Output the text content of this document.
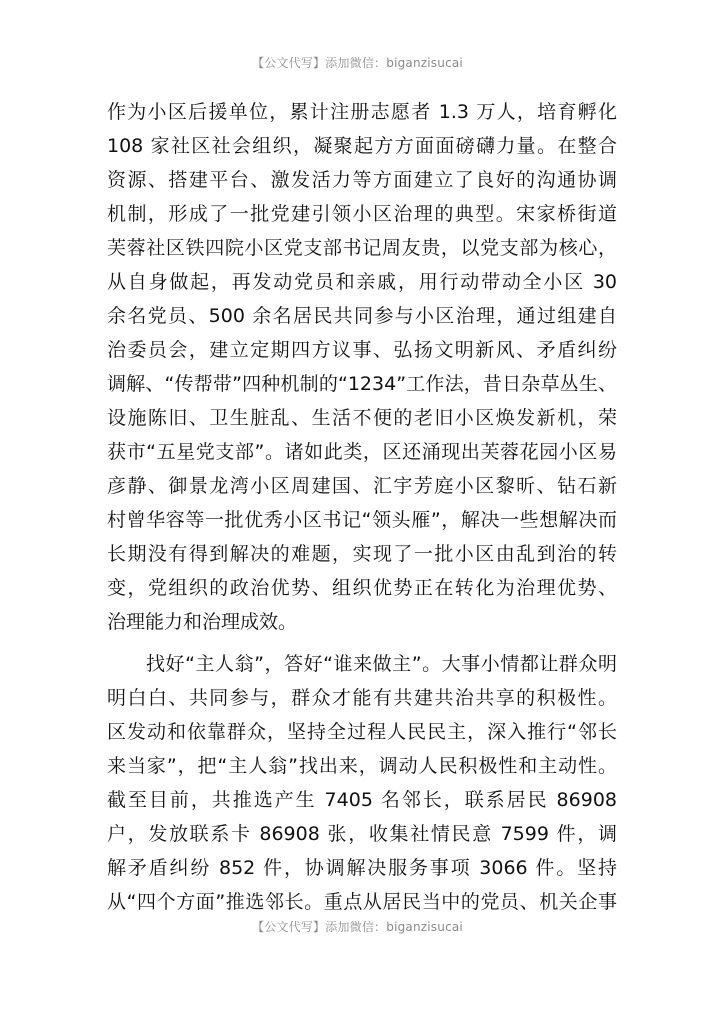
【公文代写】添加微信：biganzisucai

作为小区后援单位，累计注册志愿者 1.3 万人，培育孵化
108 家社区社会组织，凝聚起方方面面磅礴力量。在整合
资源、搭建平台、激发活力等方面建立了良好的沟通协调
机制，形成了一批党建引领小区治理的典型。宋家桥街道
芙蓉社区铁四院小区党支部书记周友贵，以党支部为核心，
从自身做起，再发动党员和亲戚，用行动带动全小区 30
余名党员、500 余名居民共同参与小区治理，通过组建自
治委员会，建立定期四方议事、弘扬文明新风、矛盾纠纷
调解、“传帮带”四种机制的“1234”工作法，昔日杂草丛生、
设施陈旧、卫生脏乱、生活不便的老旧小区焕发新机，荣
获市“五星党支部”。诸如此类，区还涌现出芙蓉花园小区易
彦静、御景龙湾小区周建国、汇宇芳庭小区黎昕、钻石新
村曾华容等一批优秀小区书记“领头雁”，解决一些想解决而
长期没有得到解决的难题，实现了一批小区由乱到治的转
变，党组织的政治优势、组织优势正在转化为治理优势、
治理能力和治理成效。

找好“主人翁”，答好“谁来做主”。大事小情都让群众明
明白白、共同参与，群众才能有共建共治共享的积极性。
区发动和依靠群众，坚持全过程人民民主，深入推行“邻长
来当家”，把“主人翁”找出来，调动人民积极性和主动性。
截至目前，共推选产生 7405 名邻长，联系居民 86908
户，发放联系卡 86908 张，收集社情民意 7599 件，调
解矛盾纠纷 852 件，协调解决服务事项 3066 件。坚持
从“四个方面”推选邻长。重点从居民当中的党员、机关企事

【公文代写】添加微信：biganzisucai
